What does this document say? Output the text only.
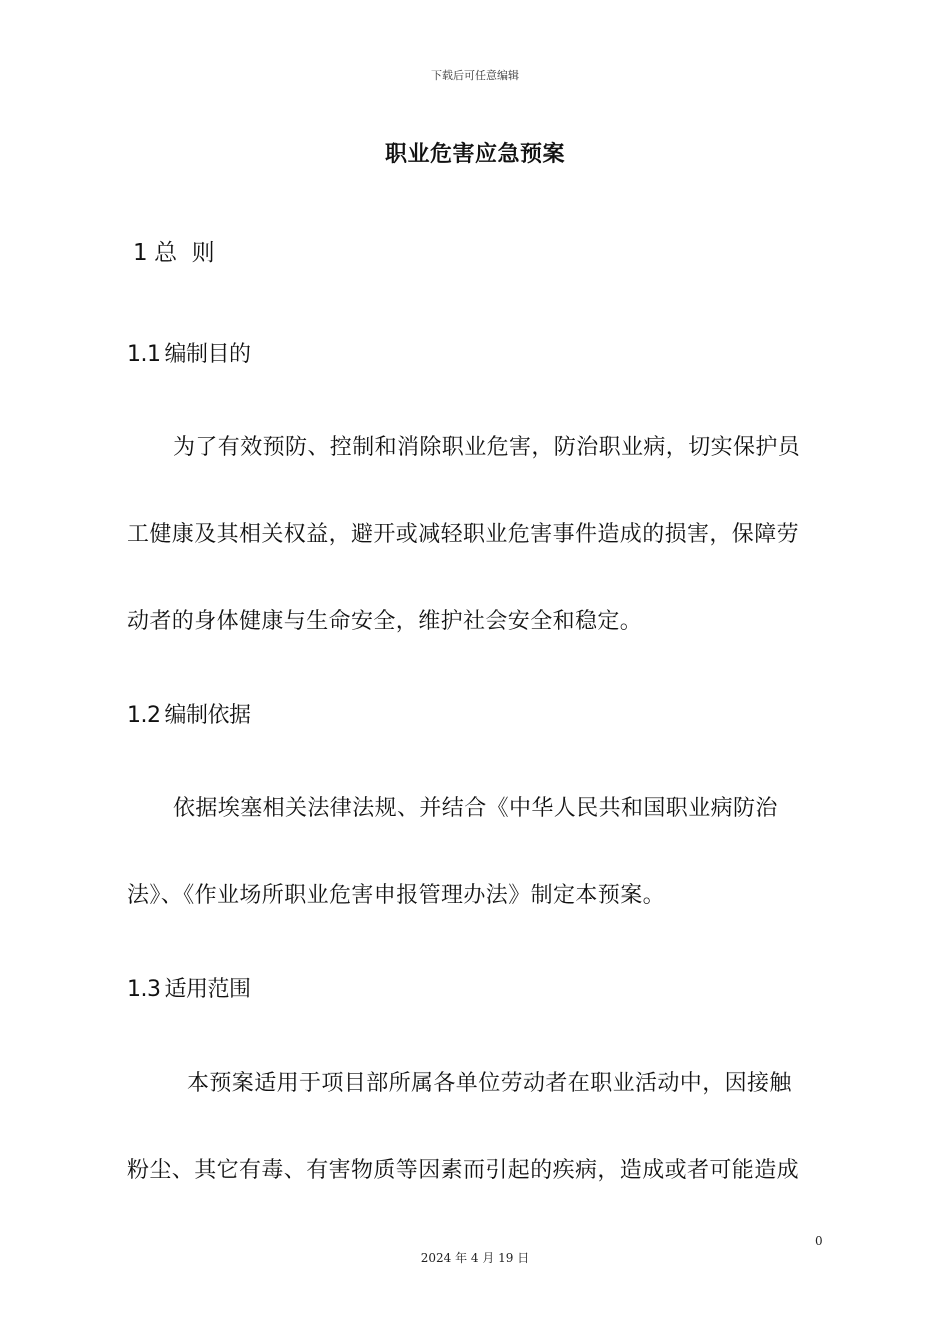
下载后可任意编辑
职业危害应急预案
1 总 则
1.1 编制目的
为了有效预防、控制和消除职业危害，防治职业病，切实保护员
工健康及其相关权益，避开或减轻职业危害事件造成的损害，保障劳
动者的身体健康与生命安全，维护社会安全和稳定。
1.2 编制依据
依据埃塞相关法律法规、并结合《中华人民共和国职业病防治
法》、《作业场所职业危害申报管理办法》制定本预案。
1.3 适用范围
本预案适用于项目部所属各单位劳动者在职业活动中，因接触
粉尘、其它有毒、有害物质等因素而引起的疾病，造成或者可能造成
0
2024 年 4 月 19 日
